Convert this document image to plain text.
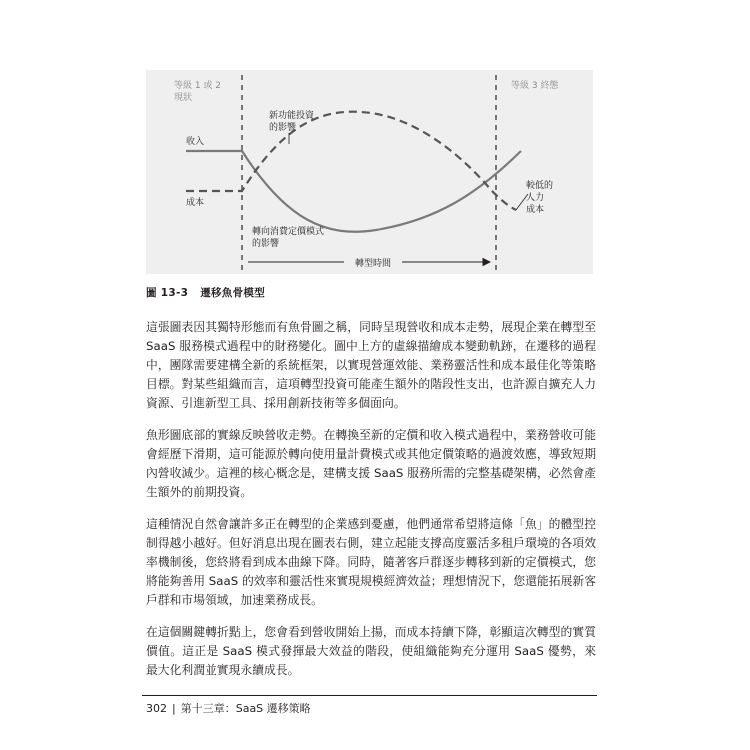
等級 1 或 2
現狀
等級 3 終態
收入
成本
新功能投資
的影響
轉向消費定價模式
的影響
較低的
人力
成本
轉型時間
圖 13-3 遷移魚骨模型

這張圖表因其獨特形態而有魚骨圖之稱，同時呈現營收和成本走勢，展現企業在轉型至 SaaS 服務模式過程中的財務變化。圖中上方的虛線描繪成本變動軌跡，在遷移的過程中，團隊需要建構全新的系統框架，以實現營運效能、業務靈活性和成本最佳化等策略目標。對某些組織而言，這項轉型投資可能產生額外的階段性支出，也許源自擴充人力資源、引進新型工具、採用創新技術等多個面向。

魚形圖底部的實線反映營收走勢。在轉換至新的定價和收入模式過程中，業務營收可能會經歷下滑期，這可能源於轉向使用量計費模式或其他定價策略的過渡效應，導致短期內營收減少。這裡的核心概念是，建構支援 SaaS 服務所需的完整基礎架構，必然會產生額外的前期投資。

這種情況自然會讓許多正在轉型的企業感到憂慮，他們通常希望將這條「魚」的體型控制得越小越好。但好消息出現在圖表右側，建立起能支撐高度靈活多租戶環境的各項效率機制後，您終將看到成本曲線下降。同時，隨著客戶群逐步轉移到新的定價模式，您將能夠善用 SaaS 的效率和靈活性來實現規模經濟效益；理想情況下，您還能拓展新客戶群和市場領域，加速業務成長。

在這個關鍵轉折點上，您會看到營收開始上揚，而成本持續下降，彰顯這次轉型的實質價值。這正是 SaaS 模式發揮最大效益的階段，使組織能夠充分運用 SaaS 優勢，來最大化利潤並實現永續成長。

302 | 第十三章：SaaS 遷移策略
